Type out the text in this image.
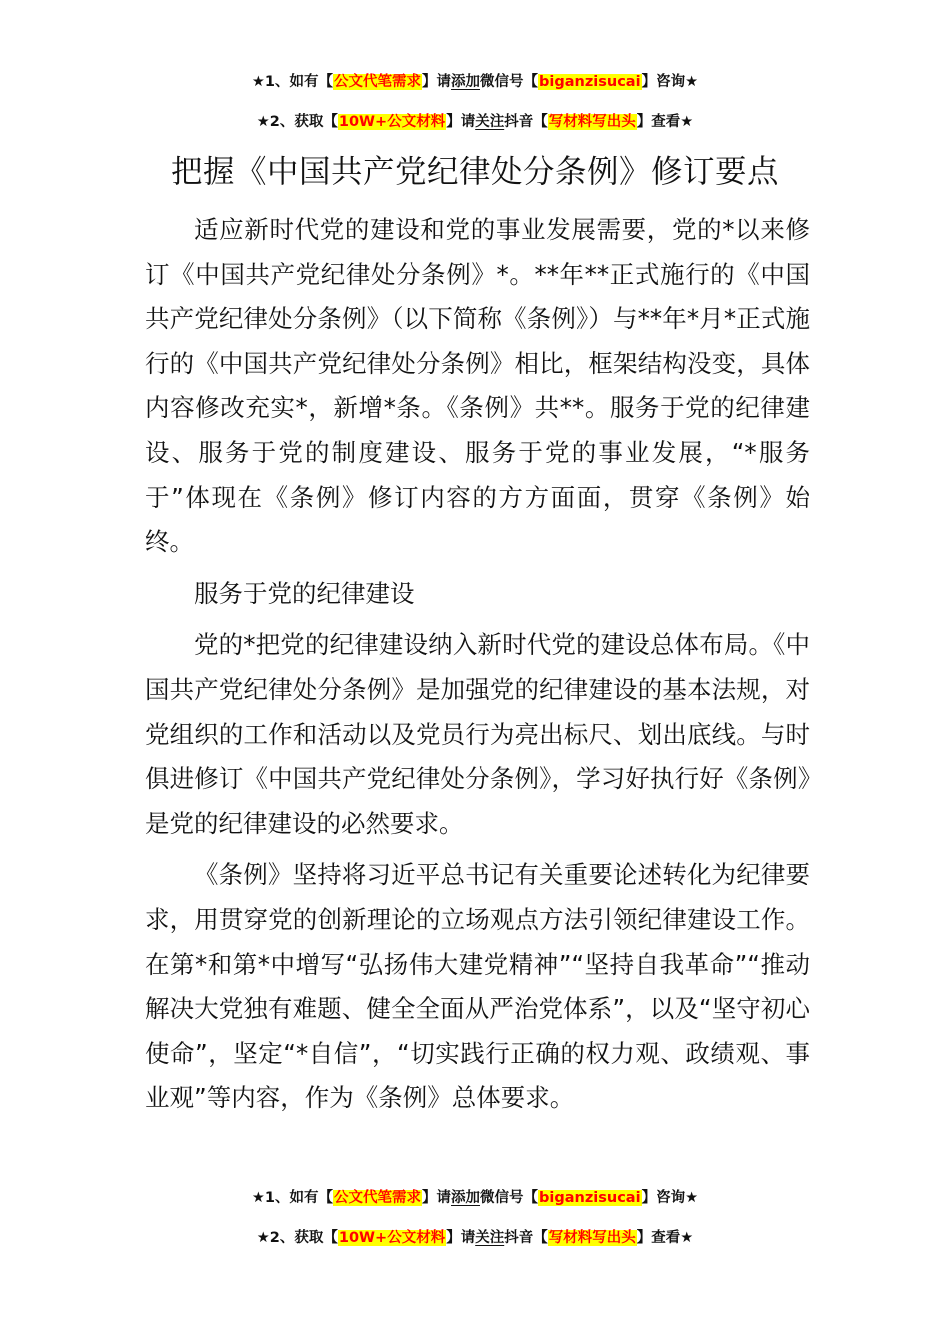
★1、如有【公文代笔需求】请添加微信号【biganzisucai】咨询★
★2、获取【10W+公文材料】请关注抖音【写材料写出头】查看★
把握《中国共产党纪律处分条例》修订要点

适应新时代党的建设和党的事业发展需要，党的*以来修订《中国共产党纪律处分条例》*。**年**正式施行的《中国共产党纪律处分条例》（以下简称《条例》）与**年*月*正式施行的《中国共产党纪律处分条例》相比，框架结构没变，具体内容修改充实*，新增*条。《条例》共**。服务于党的纪律建设、服务于党的制度建设、服务于党的事业发展，“*服务于”体现在《条例》修订内容的方方面面，贯穿《条例》始终。

服务于党的纪律建设

党的*把党的纪律建设纳入新时代党的建设总体布局。《中国共产党纪律处分条例》是加强党的纪律建设的基本法规，对党组织的工作和活动以及党员行为亮出标尺、划出底线。与时俱进修订《中国共产党纪律处分条例》，学习好执行好《条例》是党的纪律建设的必然要求。

《条例》坚持将习近平总书记有关重要论述转化为纪律要求，用贯穿党的创新理论的立场观点方法引领纪律建设工作。在第*和第*中增写“弘扬伟大建党精神”“坚持自我革命”“推动解决大党独有难题、健全全面从严治党体系”，以及“坚守初心使命”，坚定“*自信”，“切实践行正确的权力观、政绩观、事业观”等内容，作为《条例》总体要求。

★1、如有【公文代笔需求】请添加微信号【biganzisucai】咨询★
★2、获取【10W+公文材料】请关注抖音【写材料写出头】查看★
